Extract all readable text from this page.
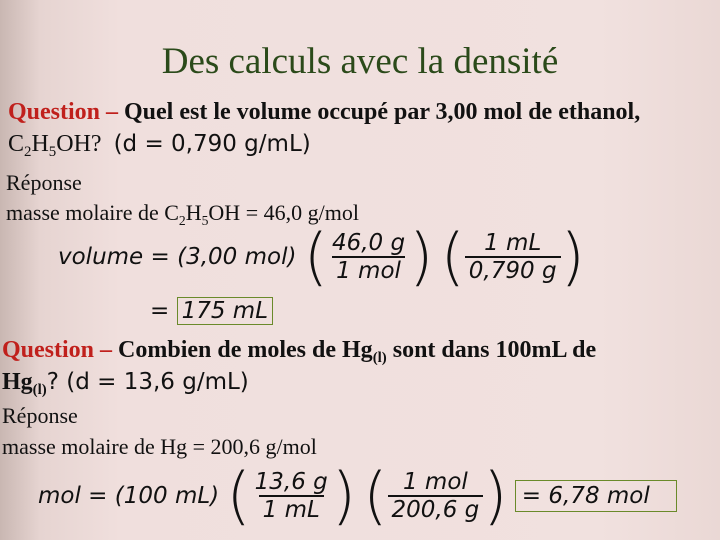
Des calculs avec la densité
Question – Quel est le volume occupé par 3,00 mol de ethanol,
$C_2H_5OH$? (d = 0,790 g/mL)
Réponse
masse molaire de $C_2H_5OH = 46,0$ g/mol
volume = (3,00 mol) ( $\frac{46,0 g}{\text{1 mol}}$ )
( $\frac{1 mL}{0,790 g}$ )
= 175 mL
Question – Combien de moles de $Hg_{(l)}$ sont dans 100mL de
$Hg_{(l)}$? (d = 13,6 g/mL)
Réponse
masse molaire de Hg = 200,6 g/mol
mol = (100 mL) ( $\frac{13,6 g}{1 mL}$ )
( $\frac{\text{1 mol}}{200,6 g}$ ) = 6,78 mol
